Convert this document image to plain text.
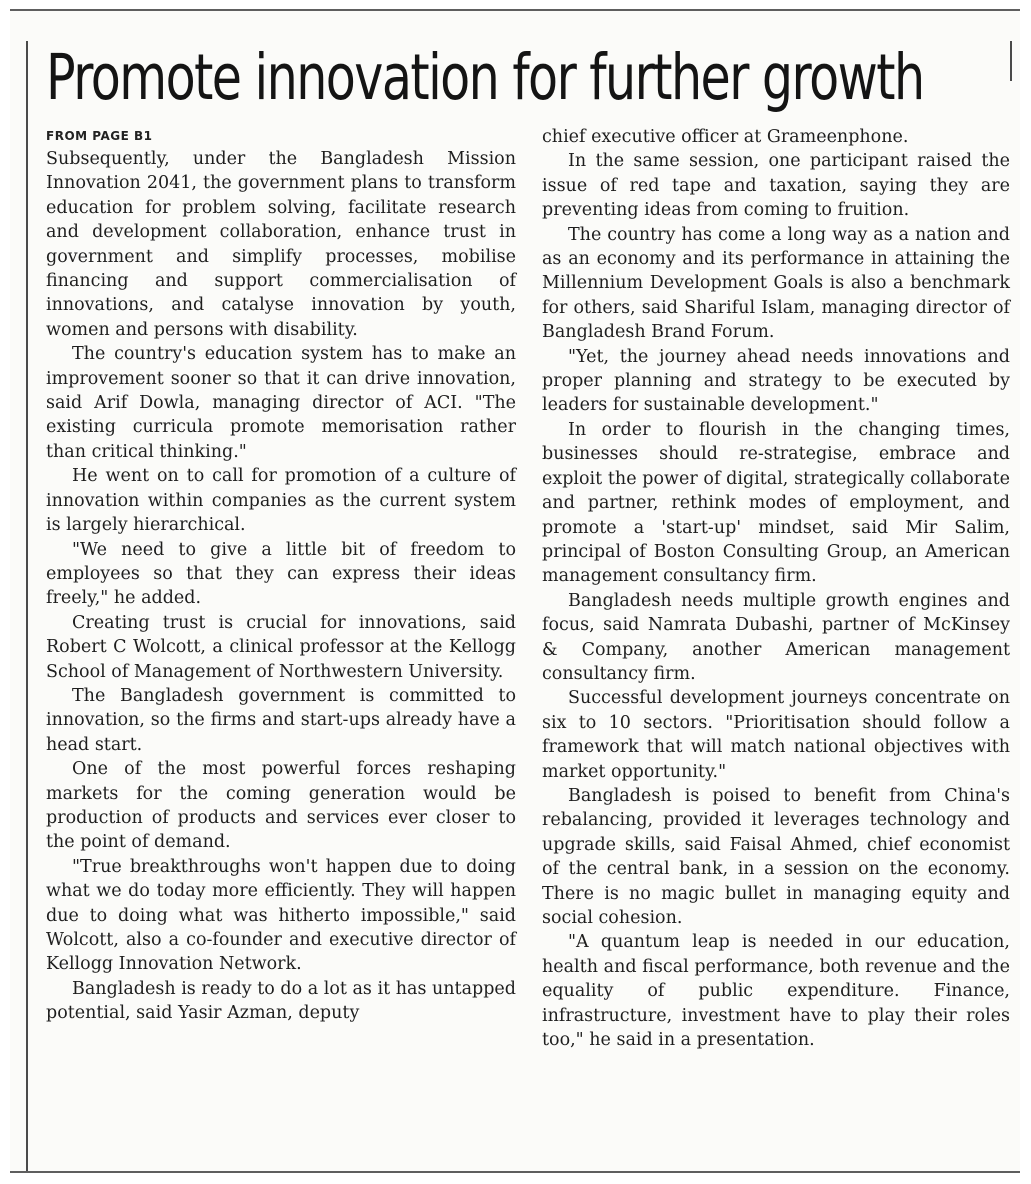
Promote innovation for further growth
FROM PAGE B1

Subsequently, under the Bangladesh Mission Innovation 2041, the government plans to transform education for problem solving, facilitate research and development collaboration, enhance trust in government and simplify processes, mobilise financing and support commercialisation of innovations, and catalyse innovation by youth, women and persons with disability.

The country's education system has to make an improvement sooner so that it can drive innovation, said Arif Dowla, managing director of ACI. "The existing curricula promote memorisation rather than critical thinking."

He went on to call for promotion of a culture of innovation within companies as the current system is largely hierarchical.

"We need to give a little bit of freedom to employees so that they can express their ideas freely," he added.

Creating trust is crucial for innovations, said Robert C Wolcott, a clinical professor at the Kellogg School of Management of Northwestern University.

The Bangladesh government is committed to innovation, so the firms and start-ups already have a head start.

One of the most powerful forces reshaping markets for the coming generation would be production of products and services ever closer to the point of demand.

"True breakthroughs won't happen due to doing what we do today more efficiently. They will happen due to doing what was hitherto impossible," said Wolcott, also a co-founder and executive director of Kellogg Innovation Network.

Bangladesh is ready to do a lot as it has untapped potential, said Yasir Azman, deputy

chief executive officer at Grameenphone.

In the same session, one participant raised the issue of red tape and taxation, saying they are preventing ideas from coming to fruition.

The country has come a long way as a nation and as an economy and its performance in attaining the Millennium Development Goals is also a benchmark for others, said Shariful Islam, managing director of Bangladesh Brand Forum.

"Yet, the journey ahead needs innovations and proper planning and strategy to be executed by leaders for sustainable development."

In order to flourish in the changing times, businesses should re-strategise, embrace and exploit the power of digital, strategically collaborate and partner, rethink modes of employment, and promote a 'start-up' mindset, said Mir Salim, principal of Boston Consulting Group, an American management consultancy firm.

Bangladesh needs multiple growth engines and focus, said Namrata Dubashi, partner of McKinsey & Company, another American management consultancy firm.

Successful development journeys concentrate on six to 10 sectors. "Prioritisation should follow a framework that will match national objectives with market opportunity."

Bangladesh is poised to benefit from China's rebalancing, provided it leverages technology and upgrade skills, said Faisal Ahmed, chief economist of the central bank, in a session on the economy. There is no magic bullet in managing equity and social cohesion.

"A quantum leap is needed in our education, health and fiscal performance, both revenue and the equality of public expenditure. Finance, infrastructure, investment have to play their roles too," he said in a presentation.
